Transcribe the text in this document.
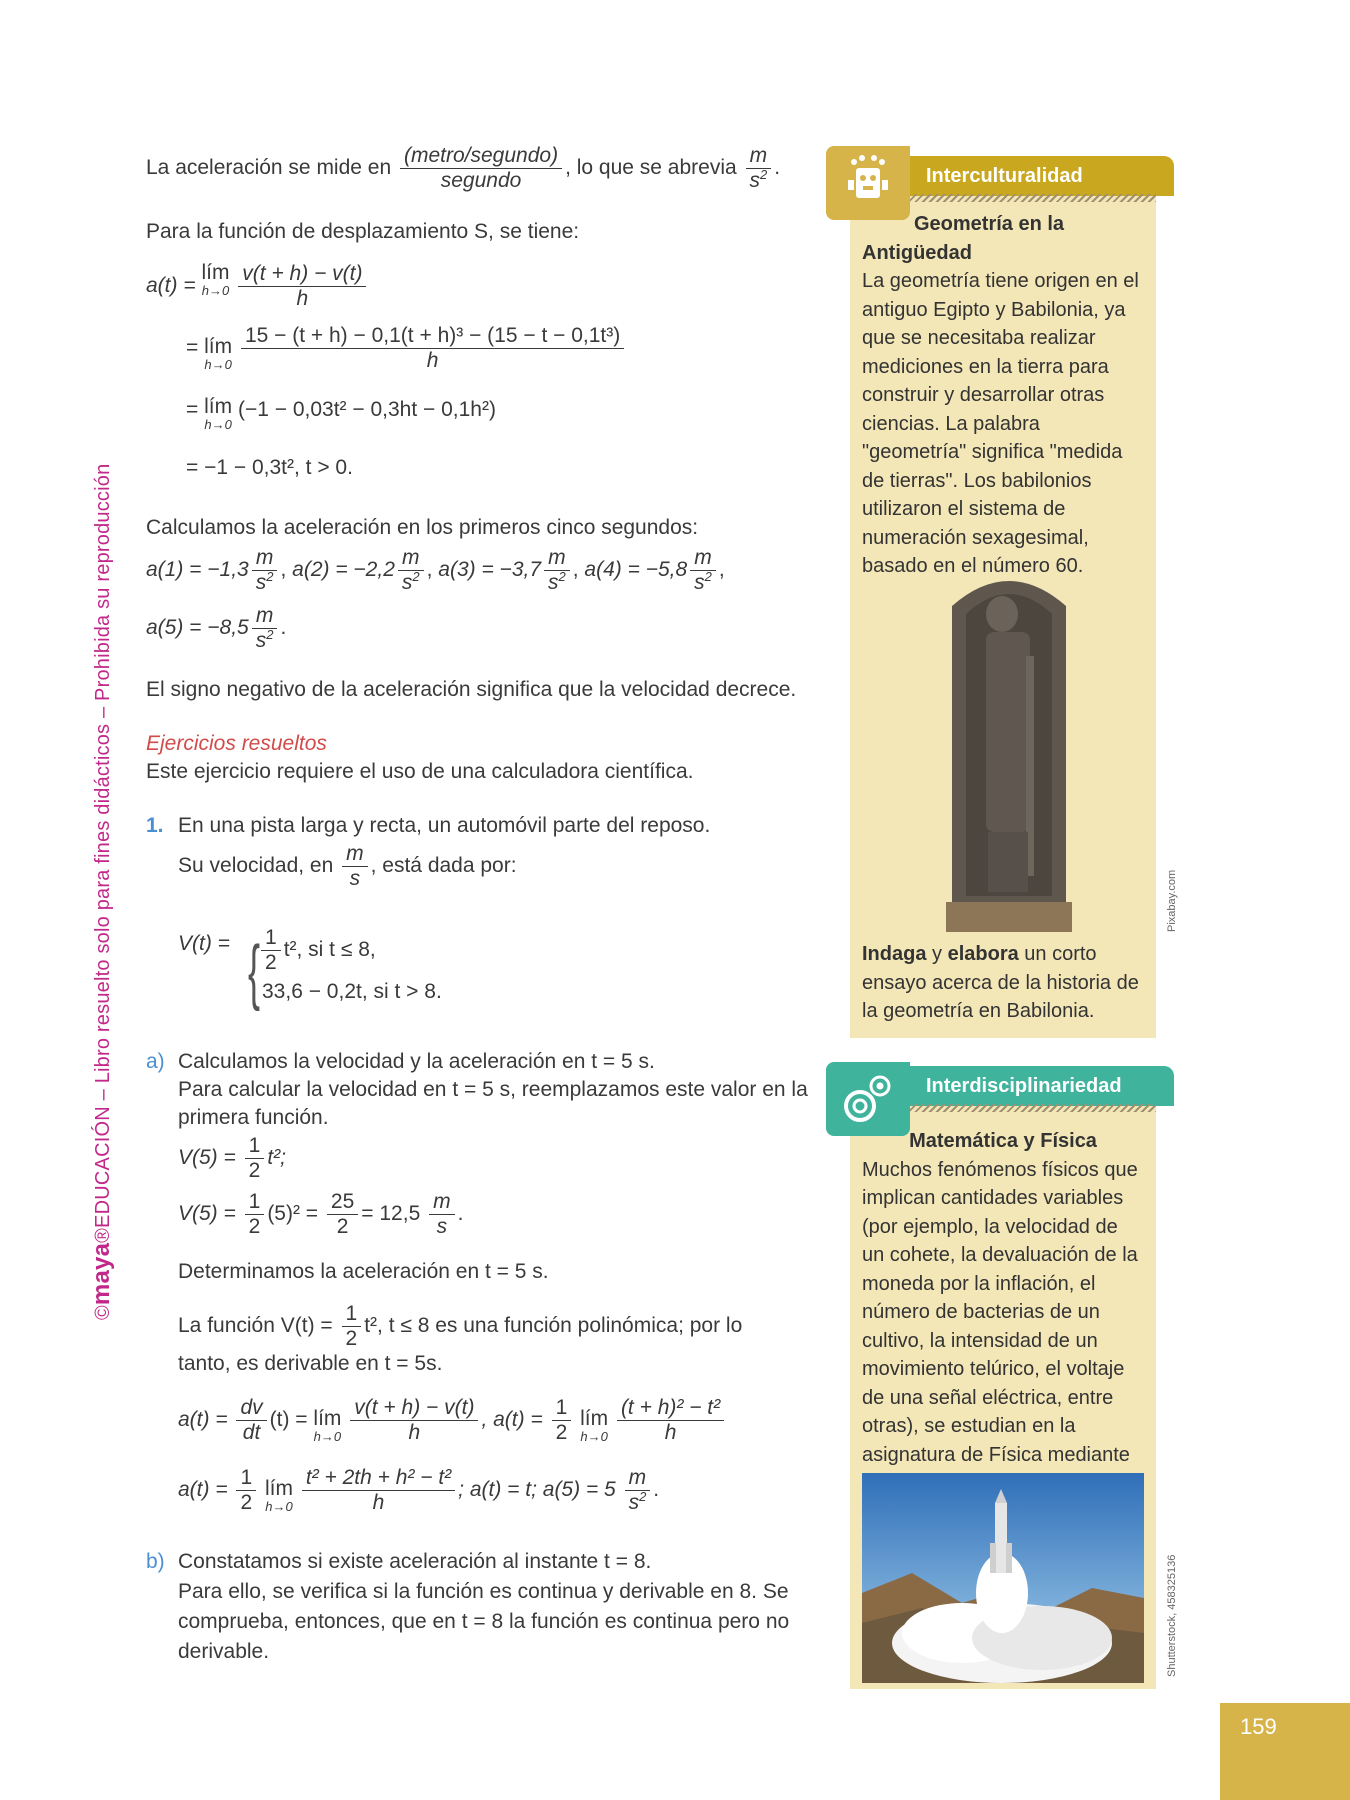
©maya®EDUCACIÓN – Libro resuelto solo para fines didácticos – Prohibida su reproducción
La aceleración se mide en $\frac{\text{(metro/segundo)}}{\text{segundo}}$ , lo que se abrevia $\frac{m}{s^2}$ .
Para la función de desplazamiento S, se tiene:
a(t) = lím
h→0
$\frac{v(t + h) - v(t)}{h}$
= lím
h→0
$\frac{\text{15 − (t + h) − 0,1(t + h)³ − (15 − t − 0,1t³)}}{h}$
= lím
h→0
(−1 − 0,03t² − 0,3ht − 0,1h²)
= −1 − 0,3t², t > 0.
Calculamos la aceleración en los primeros cinco segundos:
$a(1) = -1,3 \frac{m}{s^2}$ , $a(2) = -2,2 \frac{m}{s^2}$ , $a(3) = -3,7 \frac{m}{s^2}$ , $a(4) = -5,8 \frac{m}{s^2}$ ,
$a(5) = -8,5 \frac{m}{s^2}$ .
El signo negativo de la aceleración significa que la velocidad decrece.
Ejercicios resueltos
Este ejercicio requiere el uso de una calculadora científica.
1. En una pista larga y recta, un automóvil parte del reposo.
Su velocidad, en $\frac{m}{s}$ , está dada por:
V(t) = { $\frac{1}{2} t^2$, si t ≤ 8,
33,6 − 0,2t, si t > 8.
a) Calculamos la velocidad y la aceleración en t = 5 s.
Para calcular la velocidad en t = 5 s, reemplazamos este valor en la
primera función.
$V(5) = \frac{1}{2} t^2$;
$V(5) = \frac{1}{2} (5)^2 = \frac{25}{2} = 12,5 \frac{m}{s}$ .
Determinamos la aceleración en t = 5 s.
La función $V(t) = \frac{1}{2} t^2$, t ≤ 8 es una función polinómica; por lo
tanto, es derivable en t = 5s.
$a(t) = \frac{dv}{dt} (t)$ = lím
h→0
$\frac{v(t + h) - v(t)}{h}$ , $a(t) = \frac{1}{2}$ lím
h→0
$\frac{\text{(t + h)² − t²}}{h}$
$a(t) = \frac{1}{2}$ lím
h→0
$\frac{\text{t² + 2th + h² − t²}}{h}$ ; a(t) = t; $a(5) = 5 \frac{m}{s^2}$ .
b) Constatamos si existe aceleración al instante t = 8.
Para ello, se verifica si la función es continua y derivable en 8. Se
comprueba, entonces, que en t = 8 la función es continua pero no
derivable.
Geometría en la Antigüedad
La geometría tiene origen en el antiguo Egipto y Babilonia, ya que se necesitaba realizar mediciones en la tierra para construir y desarrollar otras ciencias. La palabra "geometría" significa "medida de tierras". Los babilonios utilizaron el sistema de numeración sexagesimal, basado en el número 60.
Pixabay.com
Indaga y elabora un corto ensayo acerca de la historia de la geometría en Babilonia.
Interculturalidad
Matemática y Física
Muchos fenómenos físicos que implican cantidades variables (por ejemplo, la velocidad de un cohete, la devaluación de la moneda por la inflación, el número de bacterias de un cultivo, la intensidad de un movimiento telúrico, el voltaje de una señal eléctrica, entre otras), se estudian en la asignatura de Física mediante
Shutterstock, 458325136
Interdisciplinariedad
159
